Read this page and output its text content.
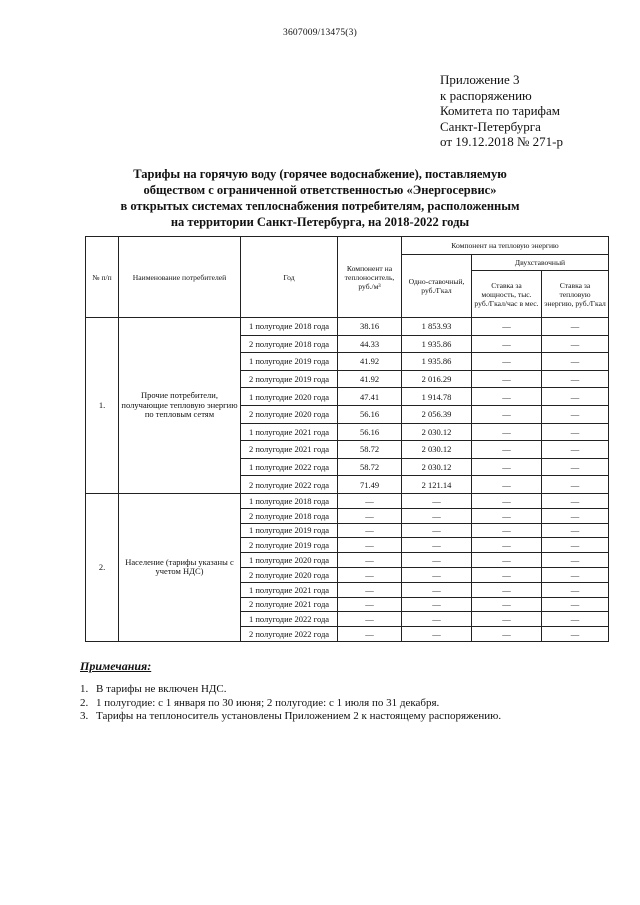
3607009/13475(3)
Приложение 3
к распоряжению
Комитета по тарифам
Санкт-Петербурга
от 19.12.2018 № 271-р
Тарифы на горячую воду (горячее водоснабжение), поставляемую
обществом с ограниченной ответственностью «Энергосервис»
в открытых системах теплоснабжения потребителям, расположенным
на территории Санкт-Петербурга, на 2018-2022 годы
№ п/п	Наименование потребителей	Год	Компонент на теплоноситель, руб./м³	Компонент на тепловую энергию		
				Одно-ставочный, руб./Гкал	Двухставочный	
					Ставка за мощность, тыс. руб./Гкал/час в мес.	Ставка за тепловую энергию, руб./Гкал
1.	Прочие потребители, получающие тепловую энергию по тепловым сетям	1 полугодие 2018 года	38.16	1 853.93	—	—
		2 полугодие 2018 года	44.33	1 935.86	—	—
		1 полугодие 2019 года	41.92	1 935.86	—	—
		2 полугодие 2019 года	41.92	2 016.29	—	—
		1 полугодие 2020 года	47.41	1 914.78	—	—
		2 полугодие 2020 года	56.16	2 056.39	—	—
		1 полугодие 2021 года	56.16	2 030.12	—	—
		2 полугодие 2021 года	58.72	2 030.12	—	—
		1 полугодие 2022 года	58.72	2 030.12	—	—
		2 полугодие 2022 года	71.49	2 121.14	—	—
2.	Население (тарифы указаны с учетом НДС)	1 полугодие 2018 года	—	—	—	—
		2 полугодие 2018 года	—	—	—	—
		1 полугодие 2019 года	—	—	—	—
		2 полугодие 2019 года	—	—	—	—
		1 полугодие 2020 года	—	—	—	—
		2 полугодие 2020 года	—	—	—	—
		1 полугодие 2021 года	—	—	—	—
		2 полугодие 2021 года	—	—	—	—
		1 полугодие 2022 года	—	—	—	—
		2 полугодие 2022 года	—	—	—	—
Примечания:
1. В тарифы не включен НДС.
2. 1 полугодие: с 1 января по 30 июня; 2 полугодие: с 1 июля по 31 декабря.
3. Тарифы на теплоноситель установлены Приложением 2 к настоящему распоряжению.
